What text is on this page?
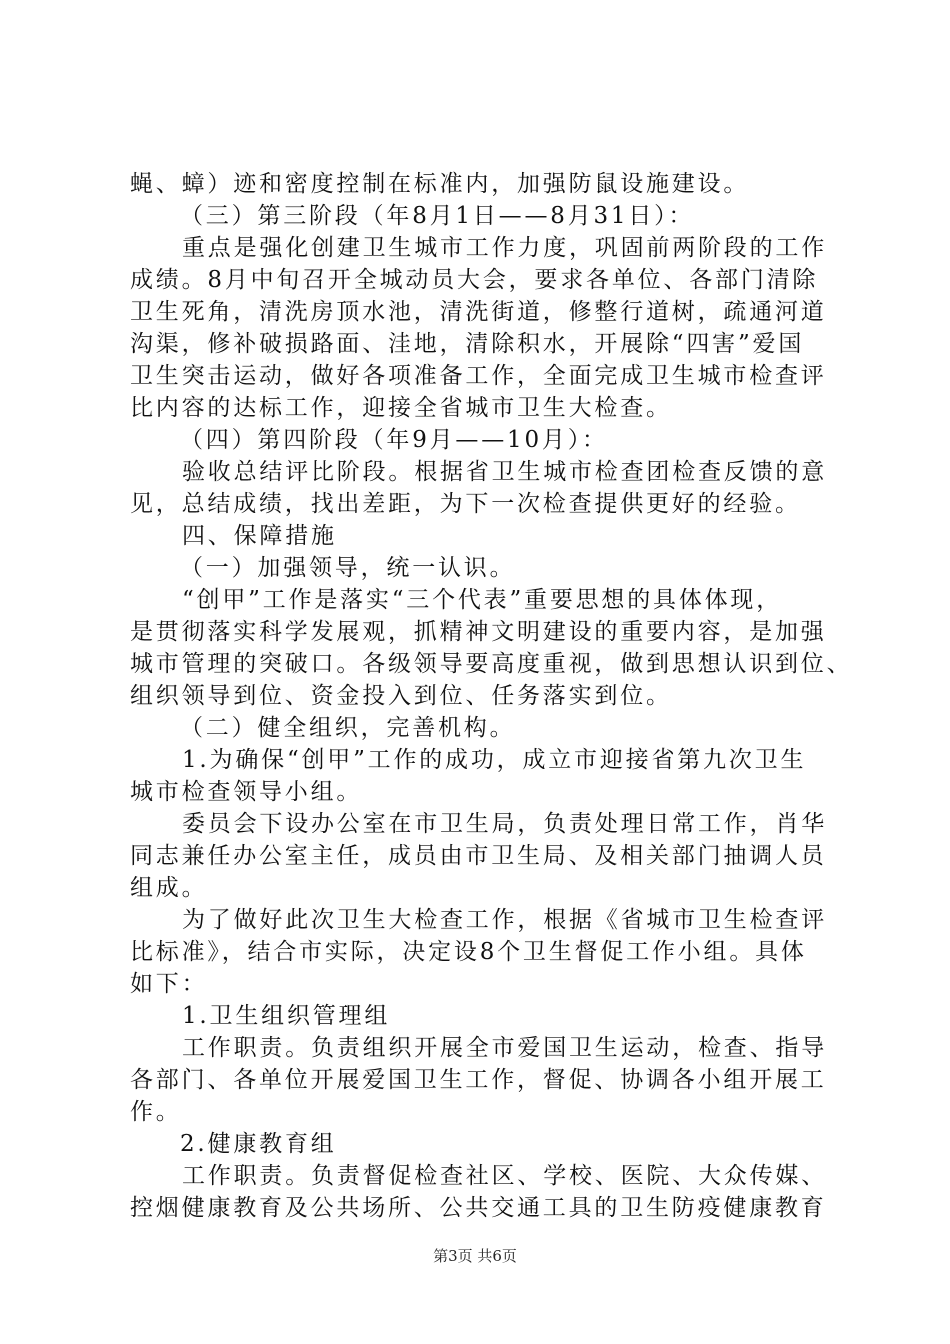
蝇、蟑）迹和密度控制在标准内，加强防鼠设施建设。
（三）第三阶段（年8月1日——8月31日）：
重点是强化创建卫生城市工作力度，巩固前两阶段的工作
成绩。8月中旬召开全城动员大会，要求各单位、各部门清除
卫生死角，清洗房顶水池，清洗街道，修整行道树，疏通河道
沟渠，修补破损路面、洼地，清除积水，开展除“四害”爱国
卫生突击运动，做好各项准备工作，全面完成卫生城市检查评
比内容的达标工作，迎接全省城市卫生大检查。
（四）第四阶段（年9月——10月）：
验收总结评比阶段。根据省卫生城市检查团检查反馈的意
见，总结成绩，找出差距，为下一次检查提供更好的经验。
四、保障措施
（一）加强领导，统一认识。
“创甲”工作是落实“三个代表”重要思想的具体体现，
是贯彻落实科学发展观，抓精神文明建设的重要内容，是加强
城市管理的突破口。各级领导要高度重视，做到思想认识到位、
组织领导到位、资金投入到位、任务落实到位。
（二）健全组织，完善机构。
1.为确保“创甲”工作的成功，成立市迎接省第九次卫生
城市检查领导小组。
委员会下设办公室在市卫生局，负责处理日常工作，肖华
同志兼任办公室主任，成员由市卫生局、及相关部门抽调人员
组成。
为了做好此次卫生大检查工作，根据《省城市卫生检查评
比标准》，结合市实际，决定设8个卫生督促工作小组。具体
如下：
1.卫生组织管理组
工作职责。负责组织开展全市爱国卫生运动，检查、指导
各部门、各单位开展爱国卫生工作，督促、协调各小组开展工
作。
2.健康教育组
工作职责。负责督促检查社区、学校、医院、大众传媒、
控烟健康教育及公共场所、公共交通工具的卫生防疫健康教育
第3页 共6页
